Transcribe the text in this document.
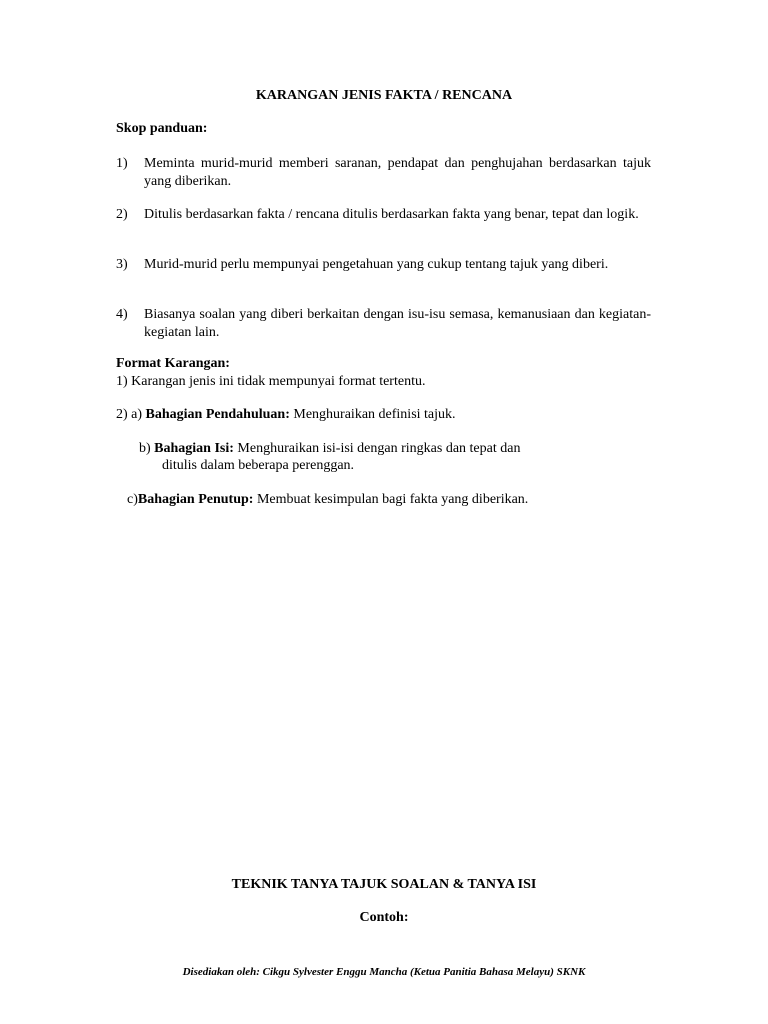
KARANGAN JENIS FAKTA / RENCANA
Skop panduan:
1)	Meminta murid-murid memberi saranan, pendapat dan penghujahan berdasarkan tajuk yang diberikan.
2)	Ditulis berdasarkan fakta / rencana ditulis berdasarkan fakta yang benar, tepat dan logik.
3)	Murid-murid perlu mempunyai pengetahuan yang cukup tentang tajuk yang diberi.
4)	Biasanya soalan yang diberi berkaitan dengan isu-isu semasa, kemanusiaan dan kegiatan-kegiatan lain.
Format Karangan:
1) Karangan jenis ini tidak mempunyai format tertentu.
2) a) Bahagian Pendahuluan: Menghuraikan definisi tajuk.
b) Bahagian Isi: Menghuraikan isi-isi dengan ringkas dan tepat dan
ditulis dalam beberapa perenggan.
c)Bahagian Penutup: Membuat kesimpulan bagi fakta yang diberikan.
TEKNIK TANYA TAJUK SOALAN & TANYA ISI
Contoh:
Disediakan oleh: Cikgu Sylvester Enggu Mancha (Ketua Panitia Bahasa Melayu) SKNK
